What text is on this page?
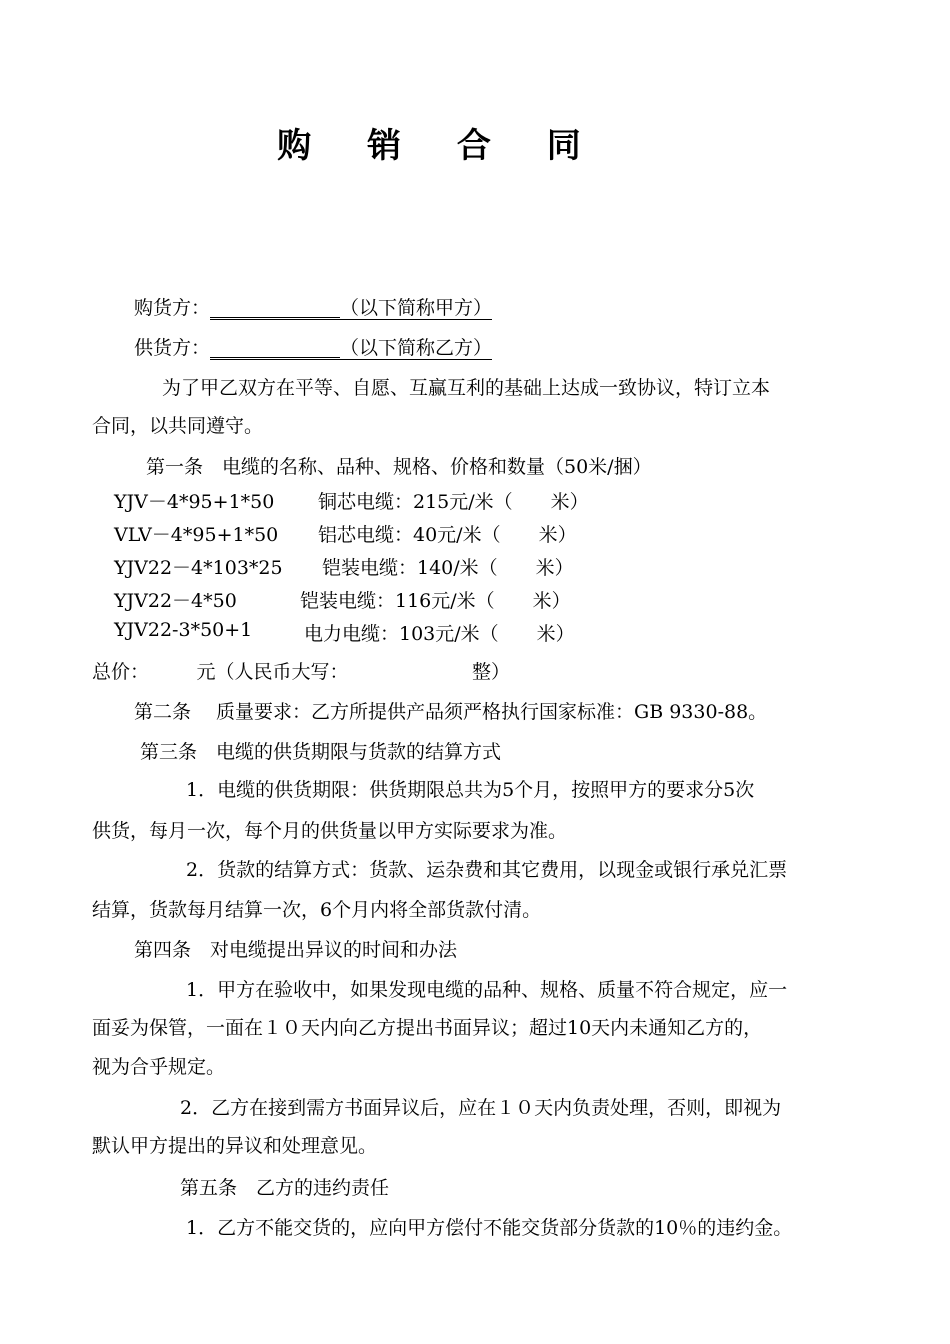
购 销 合 同
购货方：	（以下简称甲方）
供货方：	（以下简称乙方）
为了甲乙双方在平等、自愿、互赢互利的基础上达成一致协议，特订立本
合同，以共同遵守。
第一条　电缆的名称、品种、规格、价格和数量（50米/捆）
YJV－4*95+1*50 铜芯电缆：215元/米（　　米）
VLV－4*95+1*50 铝芯电缆：40元/米（　　米）
YJV22－4*103*25 铠装电缆：140/米（　　米）
YJV22－4*50	铠装电缆：116元/米（　　米）
YJV22-3*50+1	电力电缆：103元/米（　　米）
总价：　　　元（人民币大写：　　　　　　　整）
第二条　 质量要求：乙方所提供产品须严格执行国家标准：GB 9330-88。
第三条　电缆的供货期限与货款的结算方式
1．电缆的供货期限：供货期限总共为5个月，按照甲方的要求分5次
供货，每月一次，每个月的供货量以甲方实际要求为准。
2．货款的结算方式：货款、运杂费和其它费用，以现金或银行承兑汇票
结算，货款每月结算一次，6个月内将全部货款付清。
第四条　对电缆提出异议的时间和办法
1．甲方在验收中，如果发现电缆的品种、规格、质量不符合规定，应一
面妥为保管，一面在１０天内向乙方提出书面异议；超过10天内未通知乙方的，
视为合乎规定。
2．乙方在接到需方书面异议后，应在１０天内负责处理，否则，即视为
默认甲方提出的异议和处理意见。
第五条　乙方的违约责任
1．乙方不能交货的，应向甲方偿付不能交货部分货款的10％的违约金。
